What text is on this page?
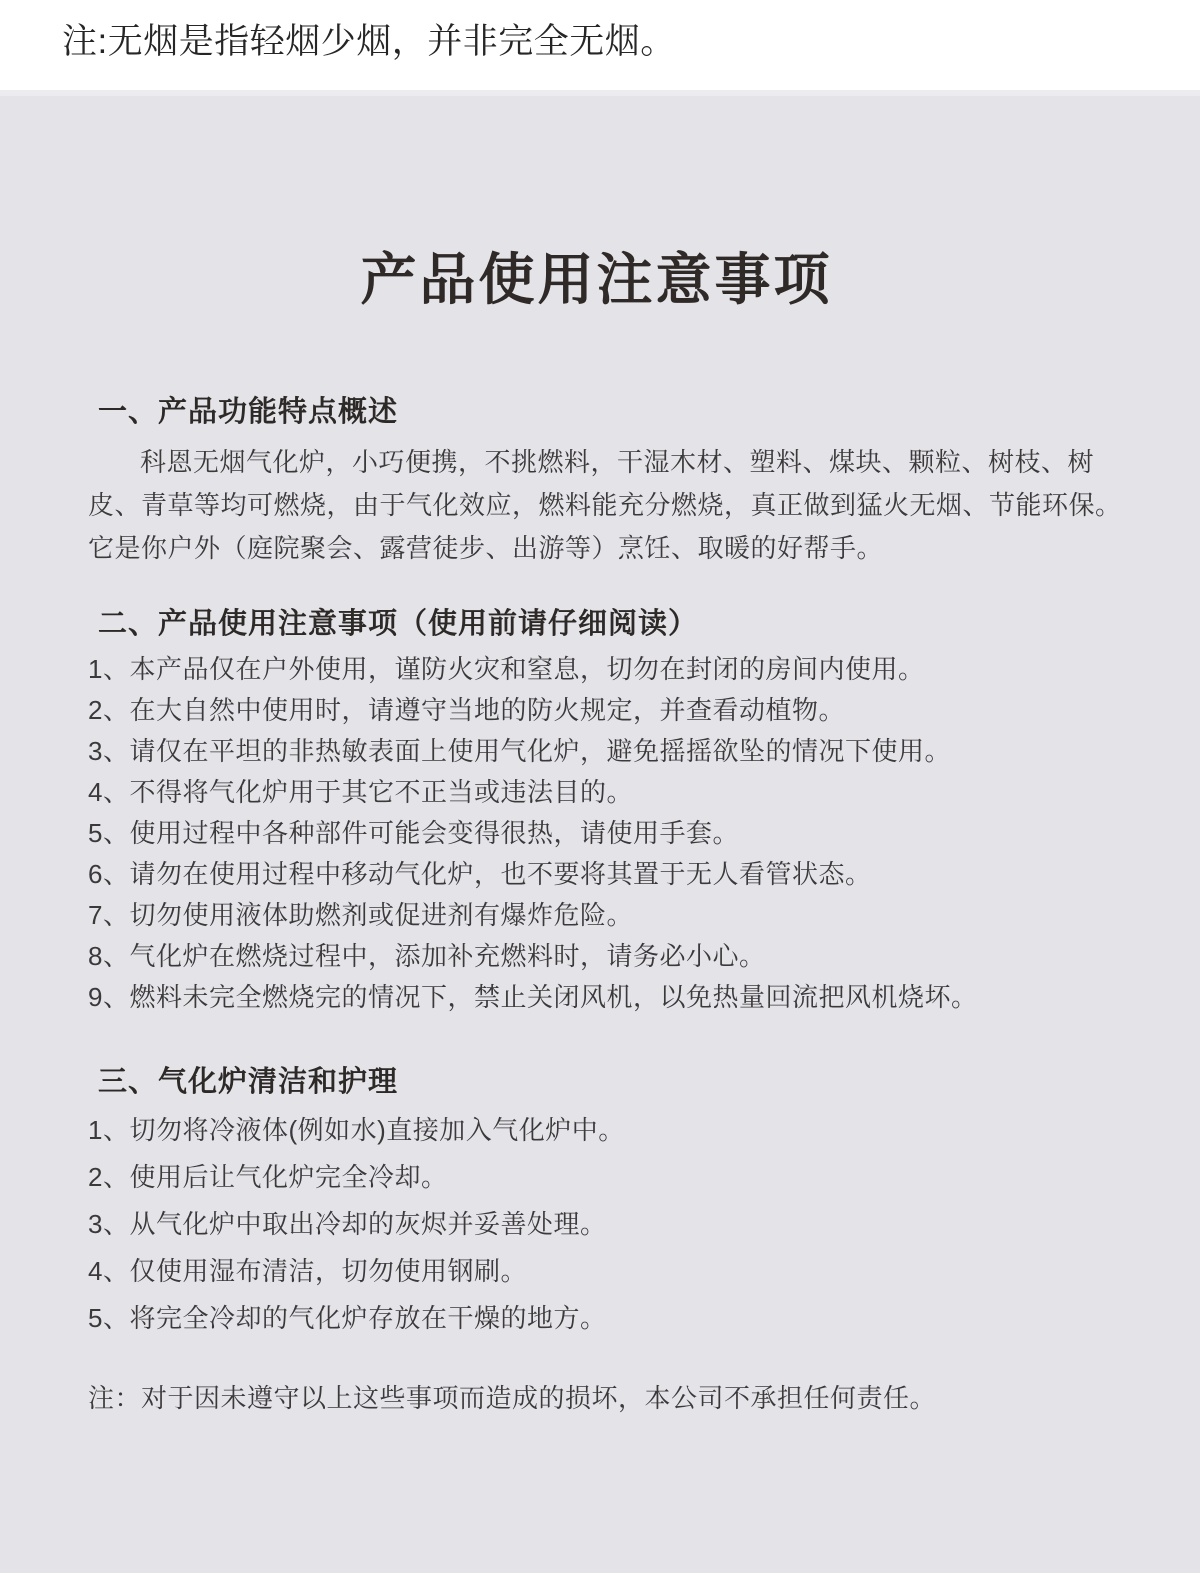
注:无烟是指轻烟少烟，并非完全无烟。
产品使用注意事项
一、产品功能特点概述
科恩无烟气化炉，小巧便携，不挑燃料，干湿木材、塑料、煤块、颗粒、树枝、树
皮、青草等均可燃烧，由于气化效应，燃料能充分燃烧，真正做到猛火无烟、节能环保。
它是你户外（庭院聚会、露营徒步、出游等）烹饪、取暖的好帮手。
二、产品使用注意事项（使用前请仔细阅读）
1、本产品仅在户外使用，谨防火灾和窒息，切勿在封闭的房间内使用。
2、在大自然中使用时，请遵守当地的防火规定，并查看动植物。
3、请仅在平坦的非热敏表面上使用气化炉，避免摇摇欲坠的情况下使用。
4、不得将气化炉用于其它不正当或违法目的。
5、使用过程中各种部件可能会变得很热，请使用手套。
6、请勿在使用过程中移动气化炉，也不要将其置于无人看管状态。
7、切勿使用液体助燃剂或促进剂有爆炸危险。
8、气化炉在燃烧过程中，添加补充燃料时，请务必小心。
9、燃料未完全燃烧完的情况下，禁止关闭风机，以免热量回流把风机烧坏。
三、气化炉清洁和护理
1、切勿将冷液体(例如水)直接加入气化炉中。
2、使用后让气化炉完全冷却。
3、从气化炉中取出冷却的灰烬并妥善处理。
4、仅使用湿布清洁，切勿使用钢刷。
5、将完全冷却的气化炉存放在干燥的地方。
注：对于因未遵守以上这些事项而造成的损坏，本公司不承担任何责任。
